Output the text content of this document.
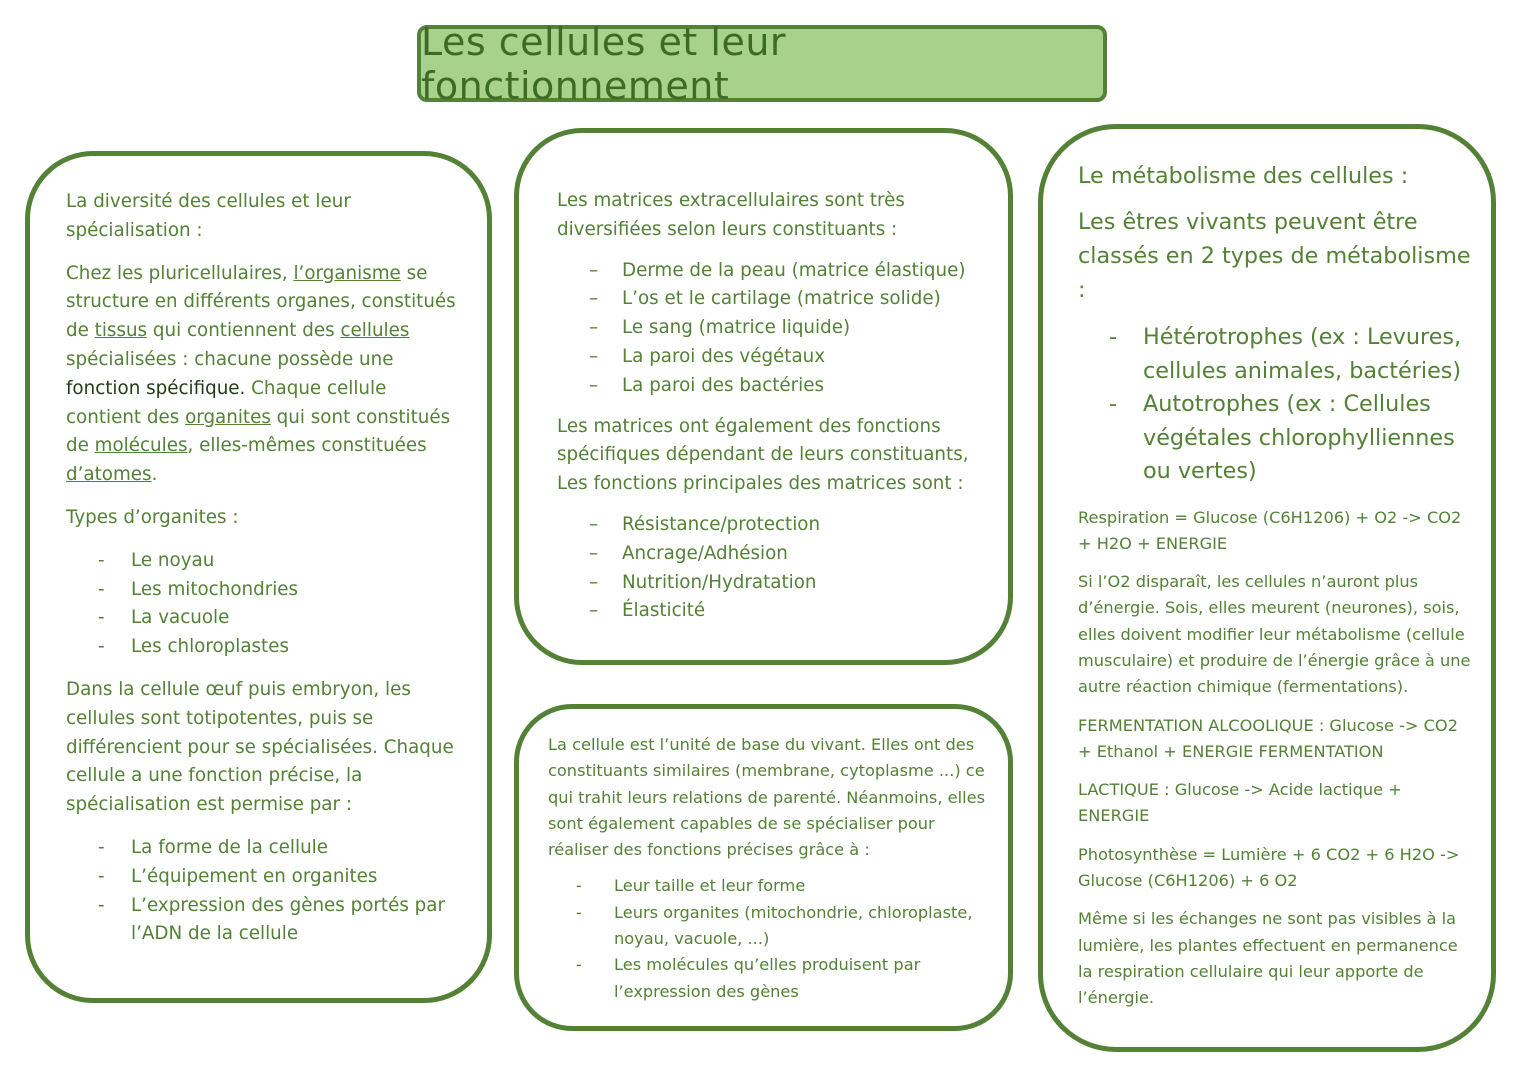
Les cellules et leur fonctionnement

La diversité des cellules et leur
spécialisation :

Chez les pluricellulaires, l’organisme se structure en différents organes, constitués de tissus qui contiennent des cellules spécialisées : chacune possède une fonction spécifique. Chaque cellule contient des organites qui sont constitués de molécules, elles-mêmes constituées d’atomes.

Types d’organites :

- Le noyau
- Les mitochondries
- La vacuole
- Les chloroplastes

Dans la cellule œuf puis embryon, les cellules sont totipotentes, puis se différencient pour se spécialisées. Chaque cellule a une fonction précise, la spécialisation est permise par :

- La forme de la cellule
- L’équipement en organites
- L’expression des gènes portés par l’ADN de la cellule

Les matrices extracellulaires sont très diversifiées selon leurs constituants :

– Derme de la peau (matrice élastique)
– L’os et le cartilage (matrice solide)
– Le sang (matrice liquide)
– La paroi des végétaux
– La paroi des bactéries

Les matrices ont également des fonctions spécifiques dépendant de leurs constituants, Les fonctions principales des matrices sont :

– Résistance/protection
– Ancrage/Adhésion
– Nutrition/Hydratation
– Élasticité

La cellule est l’unité de base du vivant. Elles ont des constituants similaires (membrane, cytoplasme ...) ce qui trahit leurs relations de parenté. Néanmoins, elles sont également capables de se spécialiser pour réaliser des fonctions précises grâce à :

- Leur taille et leur forme
- Leurs organites (mitochondrie, chloroplaste, noyau, vacuole, ...)
- Les molécules qu’elles produisent par l’expression des gènes

Le métabolisme des cellules :

Les êtres vivants peuvent être classés en 2 types de métabolisme :

- Hétérotrophes (ex : Levures, cellules animales, bactéries)
- Autotrophes (ex : Cellules végétales chlorophylliennes ou vertes)

Respiration = Glucose (C6H1206) + O2 -> CO2 + H2O + ENERGIE

Si l’O2 disparaît, les cellules n’auront plus d’énergie. Sois, elles meurent (neurones), sois, elles doivent modifier leur métabolisme (cellule musculaire) et produire de l’énergie grâce à une autre réaction chimique (fermentations).

FERMENTATION ALCOOLIQUE : Glucose -> CO2 + Ethanol + ENERGIE FERMENTATION

LACTIQUE : Glucose -> Acide lactique + ENERGIE

Photosynthèse = Lumière + 6 CO2 + 6 H2O -> Glucose (C6H1206) + 6 O2

Même si les échanges ne sont pas visibles à la lumière, les plantes effectuent en permanence la respiration cellulaire qui leur apporte de l’énergie.
